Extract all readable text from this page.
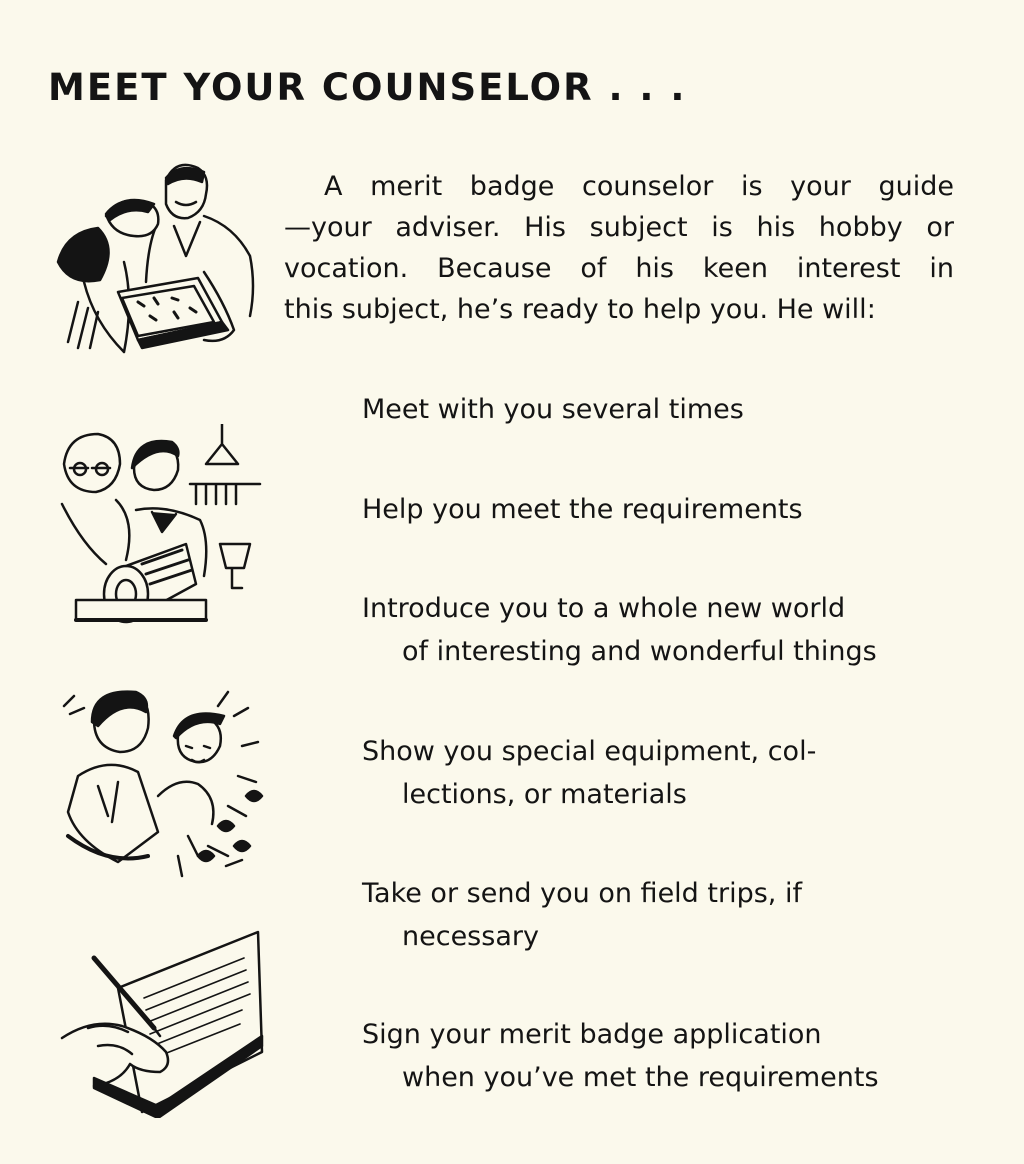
MEET YOUR COUNSELOR . . .
A merit badge counselor is your guide
—your adviser. His subject is his hobby or
vocation. Because of his keen interest in
this subject, he’s ready to help you. He will:
Meet with you several times
Help you meet the requirements
Introduce you to a whole new world
of interesting and wonderful things
Show you special equipment, col-
lections, or materials
Take or send you on field trips, if
necessary
Sign your merit badge application
when you’ve met the requirements
